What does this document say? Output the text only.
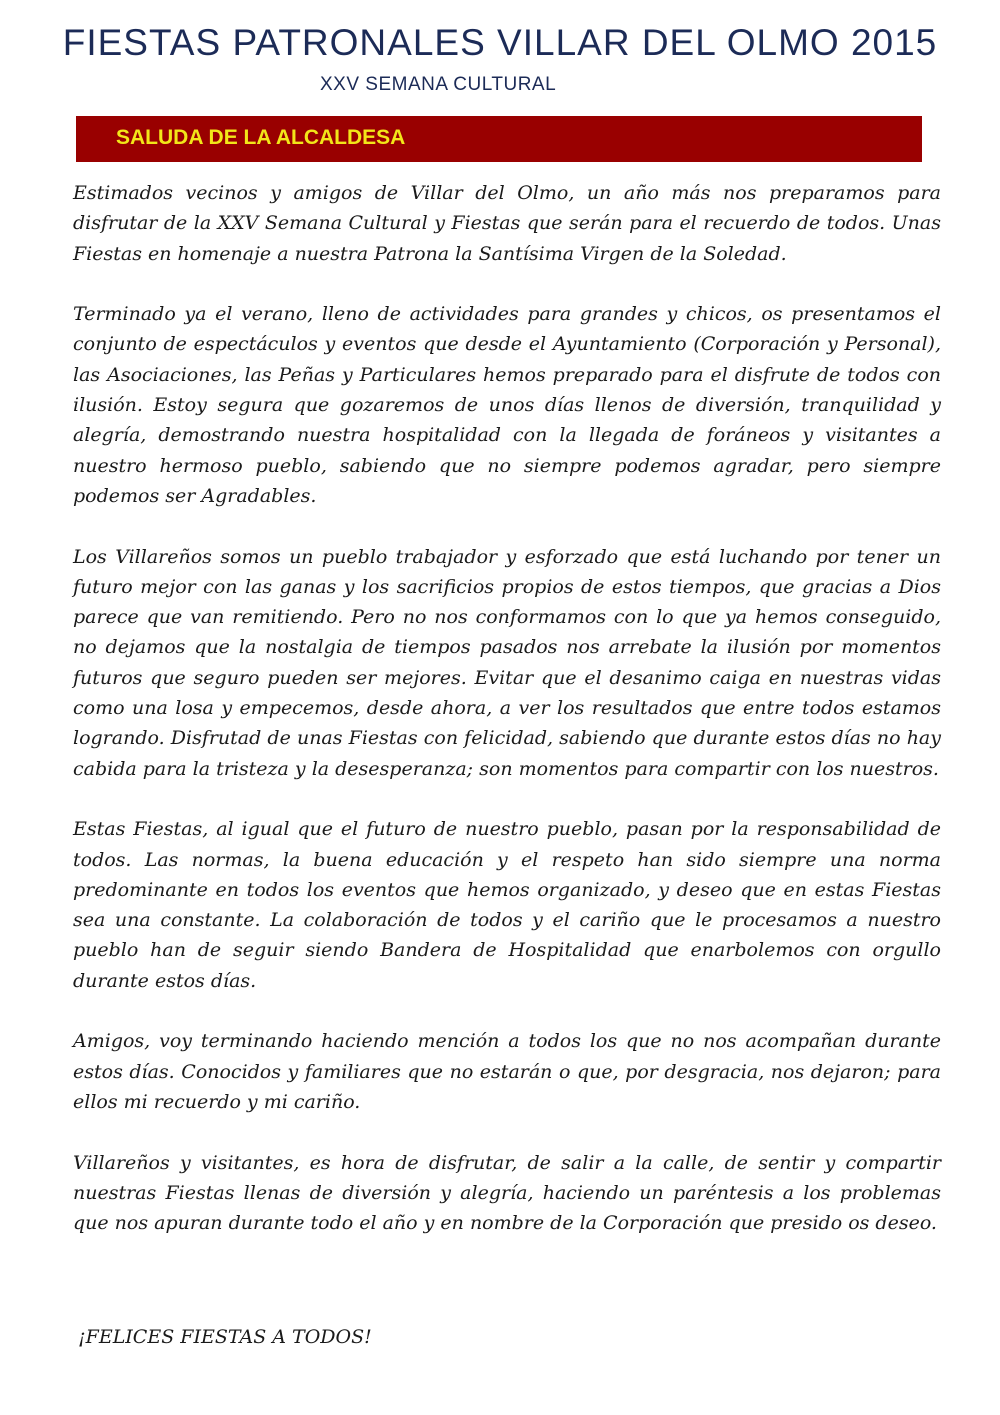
FIESTAS PATRONALES VILLAR DEL OLMO 2015
XXV SEMANA CULTURAL
SALUDA DE LA ALCALDESA

Estimados vecinos y amigos de Villar del Olmo, un año más nos preparamos para disfrutar de la XXV Semana Cultural y Fiestas que serán para el recuerdo de todos. Unas Fiestas en homenaje a nuestra Patrona la Santísima Virgen de la Soledad.

Terminado ya el verano, lleno de actividades para grandes y chicos, os presentamos el conjunto de espectáculos y eventos que desde el Ayuntamiento (Corporación y Personal), las Asociaciones, las Peñas y Particulares hemos preparado para el disfrute de todos con ilusión. Estoy segura que gozaremos de unos días llenos de diversión, tranquilidad y alegría, demostrando nuestra hospitalidad con la llegada de foráneos y visitantes a nuestro hermoso pueblo, sabiendo que no siempre podemos agradar, pero siempre podemos ser Agradables.

Los Villareños somos un pueblo trabajador y esforzado que está luchando por tener un futuro mejor con las ganas y los sacrificios propios de estos tiempos, que gracias a Dios parece que van remitiendo. Pero no nos conformamos con lo que ya hemos conseguido, no dejamos que la nostalgia de tiempos pasados nos arrebate la ilusión por momentos futuros que seguro pueden ser mejores. Evitar que el desanimo caiga en nuestras vidas como una losa y empecemos, desde ahora, a ver los resultados que entre todos estamos logrando. Disfrutad de unas Fiestas con felicidad, sabiendo que durante estos días no hay cabida para la tristeza y la desesperanza; son momentos para compartir con los nuestros.

Estas Fiestas, al igual que el futuro de nuestro pueblo, pasan por la responsabilidad de todos. Las normas, la buena educación y el respeto han sido siempre una norma predominante en todos los eventos que hemos organizado, y deseo que en estas Fiestas sea una constante. La colaboración de todos y el cariño que le procesamos a nuestro pueblo han de seguir siendo Bandera de Hospitalidad que enarbolemos con orgullo durante estos días.

Amigos, voy terminando haciendo mención a todos los que no nos acompañan durante estos días. Conocidos y familiares que no estarán o que, por desgracia, nos dejaron; para ellos mi recuerdo y mi cariño.

Villareños y visitantes, es hora de disfrutar, de salir a la calle, de sentir y compartir nuestras Fiestas llenas de diversión y alegría, haciendo un paréntesis a los problemas que nos apuran durante todo el año y en nombre de la Corporación que presido os deseo.

¡FELICES FIESTAS A TODOS!
